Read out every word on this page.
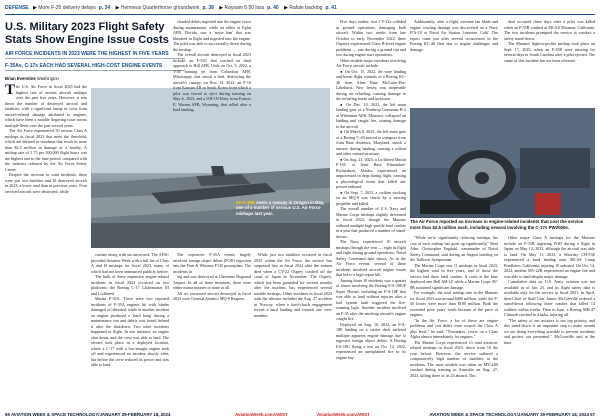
DEFENSE ▶ More F-35 delivery delays p. 34 ▶ Hermeus Quarterhorse groundwork p. 38 ▶ Raysam 5 50 loss p. 40 ▶ Rafale backlog p. 41
U.S. Military 2023 Flight Safety Stats Show Engine Issue Costs
AIR FORCE INCIDENTS IN 2023 WERE THE HIGHEST IN FIVE YEARS
F-35As, C-17s EACH HAD SEVERAL HIGH-COST ENGINE EVENTS
Brian Everstine Washington

The U.S. Air Force in fiscal 2023 had the highest rate of serious aircraft mishaps over the past five years. However, it was down the number of destroyed aircraft and fatalities, with a significant bump in costs from aircraft-related damage attributed to engines, which have been a notable lingering issue across multiple fleets over the past several years.

The Air Force experienced 50 serious Class A mishaps in fiscal 2023 that meet the threshold, which are defined as incidents that result in more than $2.5 million in damage or a fatality. A mishap rate of 1.75 per 100,000 flight hours was the highest rate in the time period, compared with the statistics released by the Air Force Safety Center.

Despite the increase in total incidents, there were just two fatalities and 10 destroyed aircraft in 2023, a lower total than in previous years. Four serviced aircraft were destroyed, while

An F-35B overs a runway in Oregon in May, one of a number of serious U.S. Air Force mishaps last year.

crashes along with six uncrewed. The AFSC provided Aviation Week with a full list of Class A and B mishaps for fiscal 2023, many of which had not been announced publicly before.

The bulk of these expensive engine-related incidents in fiscal 2023 occurred on two platforms: the Boeing C-17 Globemaster III and Lockheed

Martin F-35A. There were two reported incidents of F-35A engines hit with blades damaged or liberated, while in another incident an engine produced a 'hard bang' during a maintenance run and debris was found behind it after the shutdown. Two other incidents happened in flight. In one instance, an engine shut down, and the crew was able to land. The second took place in a deployed location, where a C-17 with a low-margin engine took off and experienced an incident shortly after, but before the crew reduced its power and was able to land.

clouded debris ingested into the engine twice during maintenance, while on either at Eglin AFB, Florida, saw a 'noise ban' that was liberated in flight and ingested into the engine. The pilot was able to successfully divert during the mishap.

The overall aircraft destroyed in fiscal 2023 include: an F-35C that crashed on final approach to Hill AFB, Utah, on Oct. 9, 2022; a T-38 training jet from Columbus AFB, Mississippi, that struck a bird, destroying the aircraft's canopy, on Nov. 14, 2022; an F-16 from Kunsan AB in South Korea from which a pilot was forced to eject during training on May 6, 2023; and a UH-1N Huey from Francis E. Warren AFB, Wyoming, that rolled after a hard landing.

The expensive F-35A events largely involved foreign object debris (FOD) ingestion into the Pratt & Whitney F135 powerplant. The incidents in

ing and was destroyed at Cheyenne Regional Airport. In all of these instances, there were either minor injuries or none at all.

All six uncrewed aircraft destroyed in fiscal 2023 were General Atomics MQ-9 Reapers.

While just two fatalities occurred in fiscal 2023 within the Air Force, the service has surpassed that in fiscal 2024 after the airmen died when a CV-22 Osprey crashed off the coast of Japan in November. The Osprey, which has been grounded for several months after the incident, has experienced several notable mishaps. Other incidents in fiscal 2023 with the tiltrotor included the Aug. 27 accident in Norway, when a hard-clutch engagement forced a hard landing and injured one crew member.

Five days earlier, two CV-22s collided in ground operations, damaging both aircraft. Within two weeks from late October to early November 2022, three Ospreys experienced Class B-level engine problems — one during a ground run and two during engine start operations.

Other notable major incidents involving Air Force aircraft include:

● On Oct. 15, 2022, the nose landing and boom flight controls of a Boeing KC-46 from Altus Base McGuire-Dix-Lakehurst, New Jersey, was inoperable during air refueling, causing damage to the refueling boom and inclusion.

● On Dec. 10, 2022, the left main landing gear of a Northrop Grumman B-2 at Whiteman AFB, Missouri, collapsed on landing and caught fire, causing damage to the aircraft.

● On March 8, 2023, the left main gear of a Boeing C-40 moved to transport from Joint Base Andrews, Maryland, struck a runway during landing, causing a rollout and other caused structure.

● On Aug. 21, 2023, a Lockheed Martin F-16C at Joint Base Elmendorf-Richardson, Alaska, experienced an unprocessed in drop during flight, causing a physiological event that killed one person onboard.

● On Sept. 7, 2023, a civilian working on an MQ-9 was struck by a moving propeller and killed.

The overall number of U.S. Navy and Marine Corps mishaps slightly decreased in fiscal 2023, though the Marines suffered multiple high-profile fatal crashes in a year that produced a number of stand-downs.

The Navy experienced 10 aircraft mishaps through the year — eight in flight and eight during ground operations, Naval Safety Command data shows. As in the Air Force events, several of these incidents involved aircraft engine issues that led to a high repair bill.

Among those 10 incidents was a quartet of issues involving the Boeing F/A-18E/F Super Hornet, including an F/A-18F that was able to land without injuries after a fuel system fault triggered the fire-warning light. Another incident involved an F-35 after the smoking aircraft's engine caught fire.

Deployed on Aug. 16, 2023, an F/A-18E landing on a carrier deck suffered multiple apparent engine damage due to ingested foreign object debris. A Boeing EA-18G flying a test on Oct. 14, 2022, experienced an unexplained fire in its engine bay.

Additionally, after a flight, extreme fan blade and engine cowling damage was discovered on a Navy F/A-18 at Naval Air Station Lemoore, Calif. The report came just after several occurrences in the Boeing KC-46 fleet due to engine challenges and damage.

deal occurred three days after a pilot was killed when an F-35B crashed at MCAS Miramar, California. The two incidents prompted the service to conduct a safety stand-down.

The Marines' highest-profile mishap took place on Sept. 17, 2023, when an F-35B went missing for several days in South Carolina after a pilot ejected. The cause of this incident has not been released.

The Air Force reported an increase in engine-related incidents that cost the service more than $2.5 million each, including several involving the C-17s PW2000s.

"While we're significantly reducing mishaps, the cost of each mishap has gone up significantly," Rear Adm. Christopher Engdahl, commander of Naval Safety Command, said during an August briefing on the Tailhook Symposium.

The Marine Corps saw 11 mishaps in fiscal 2023, the highest total in five years, and of those the service had three fatal crashes. A crash at the base deployed one Bell AH-1Z while a Marine Corps AV-8B sustained significant damage.

For example, the total mishap rate in the Marines for fiscal 2023 was around $400 million, while the F-35 losses were more than $100 million. Both the exceeded prior years' totals because of the price of engines.

"In the Air Force, a lot of these are engine problems and you didn't even scratch the Class A plus level," he said. "Nowadays, you're on a Class Alpha almost immediately for engines."

The Marine Corps experienced 13 total aviation-related mishaps in fiscal 2023, down from 16 the year before. However, the service suffered a comparatively high number of fatalities in the incidents. The most notable was when an MV-22B crashed during training in Australia on Aug. 27, 2023, killing three of its 23 aboard. This

Other major Class A mishaps for the Marines include an F-35B ingesting FOD during a flight in Japan on May 12, 2023, although the aircraft was able to land. On May 11, 2023, a Sikorsky CH-53E experienced a hard landing near MCAS Camp Pendleton, California, injuring 10 onboard. On Oct. 14, 2022, another MV-22B experienced an engine fire and was able to land despite major damage.

Cumulative data on U.S. Army aviation was not available as of Jan. 23, and its flight safety data is available only for the service in fiscal 2021. In April, then-Chief of Staff Gen. James McConville ordered a stand-down following three crashes that killed 14 soldiers within weeks. Then in June, a Boeing MH-47 Chinook crashed in Alaska, injuring all.

"The safety of our aviators is our top priority, and this stand-down is an important step to make certain we are doing everything possible to prevent accidents and protect our personnel," McConville said at the time.

56 AVIATION WEEK & SPACE TECHNOLOGY/JANUARY 29-FEBRUARY 18, 2024	AviationWeek.com/AWST	AviationWeek.com/AWST	AVIATION WEEK & SPACE TECHNOLOGY/JANUARY 29-FEBRUARY 18, 2024 57
